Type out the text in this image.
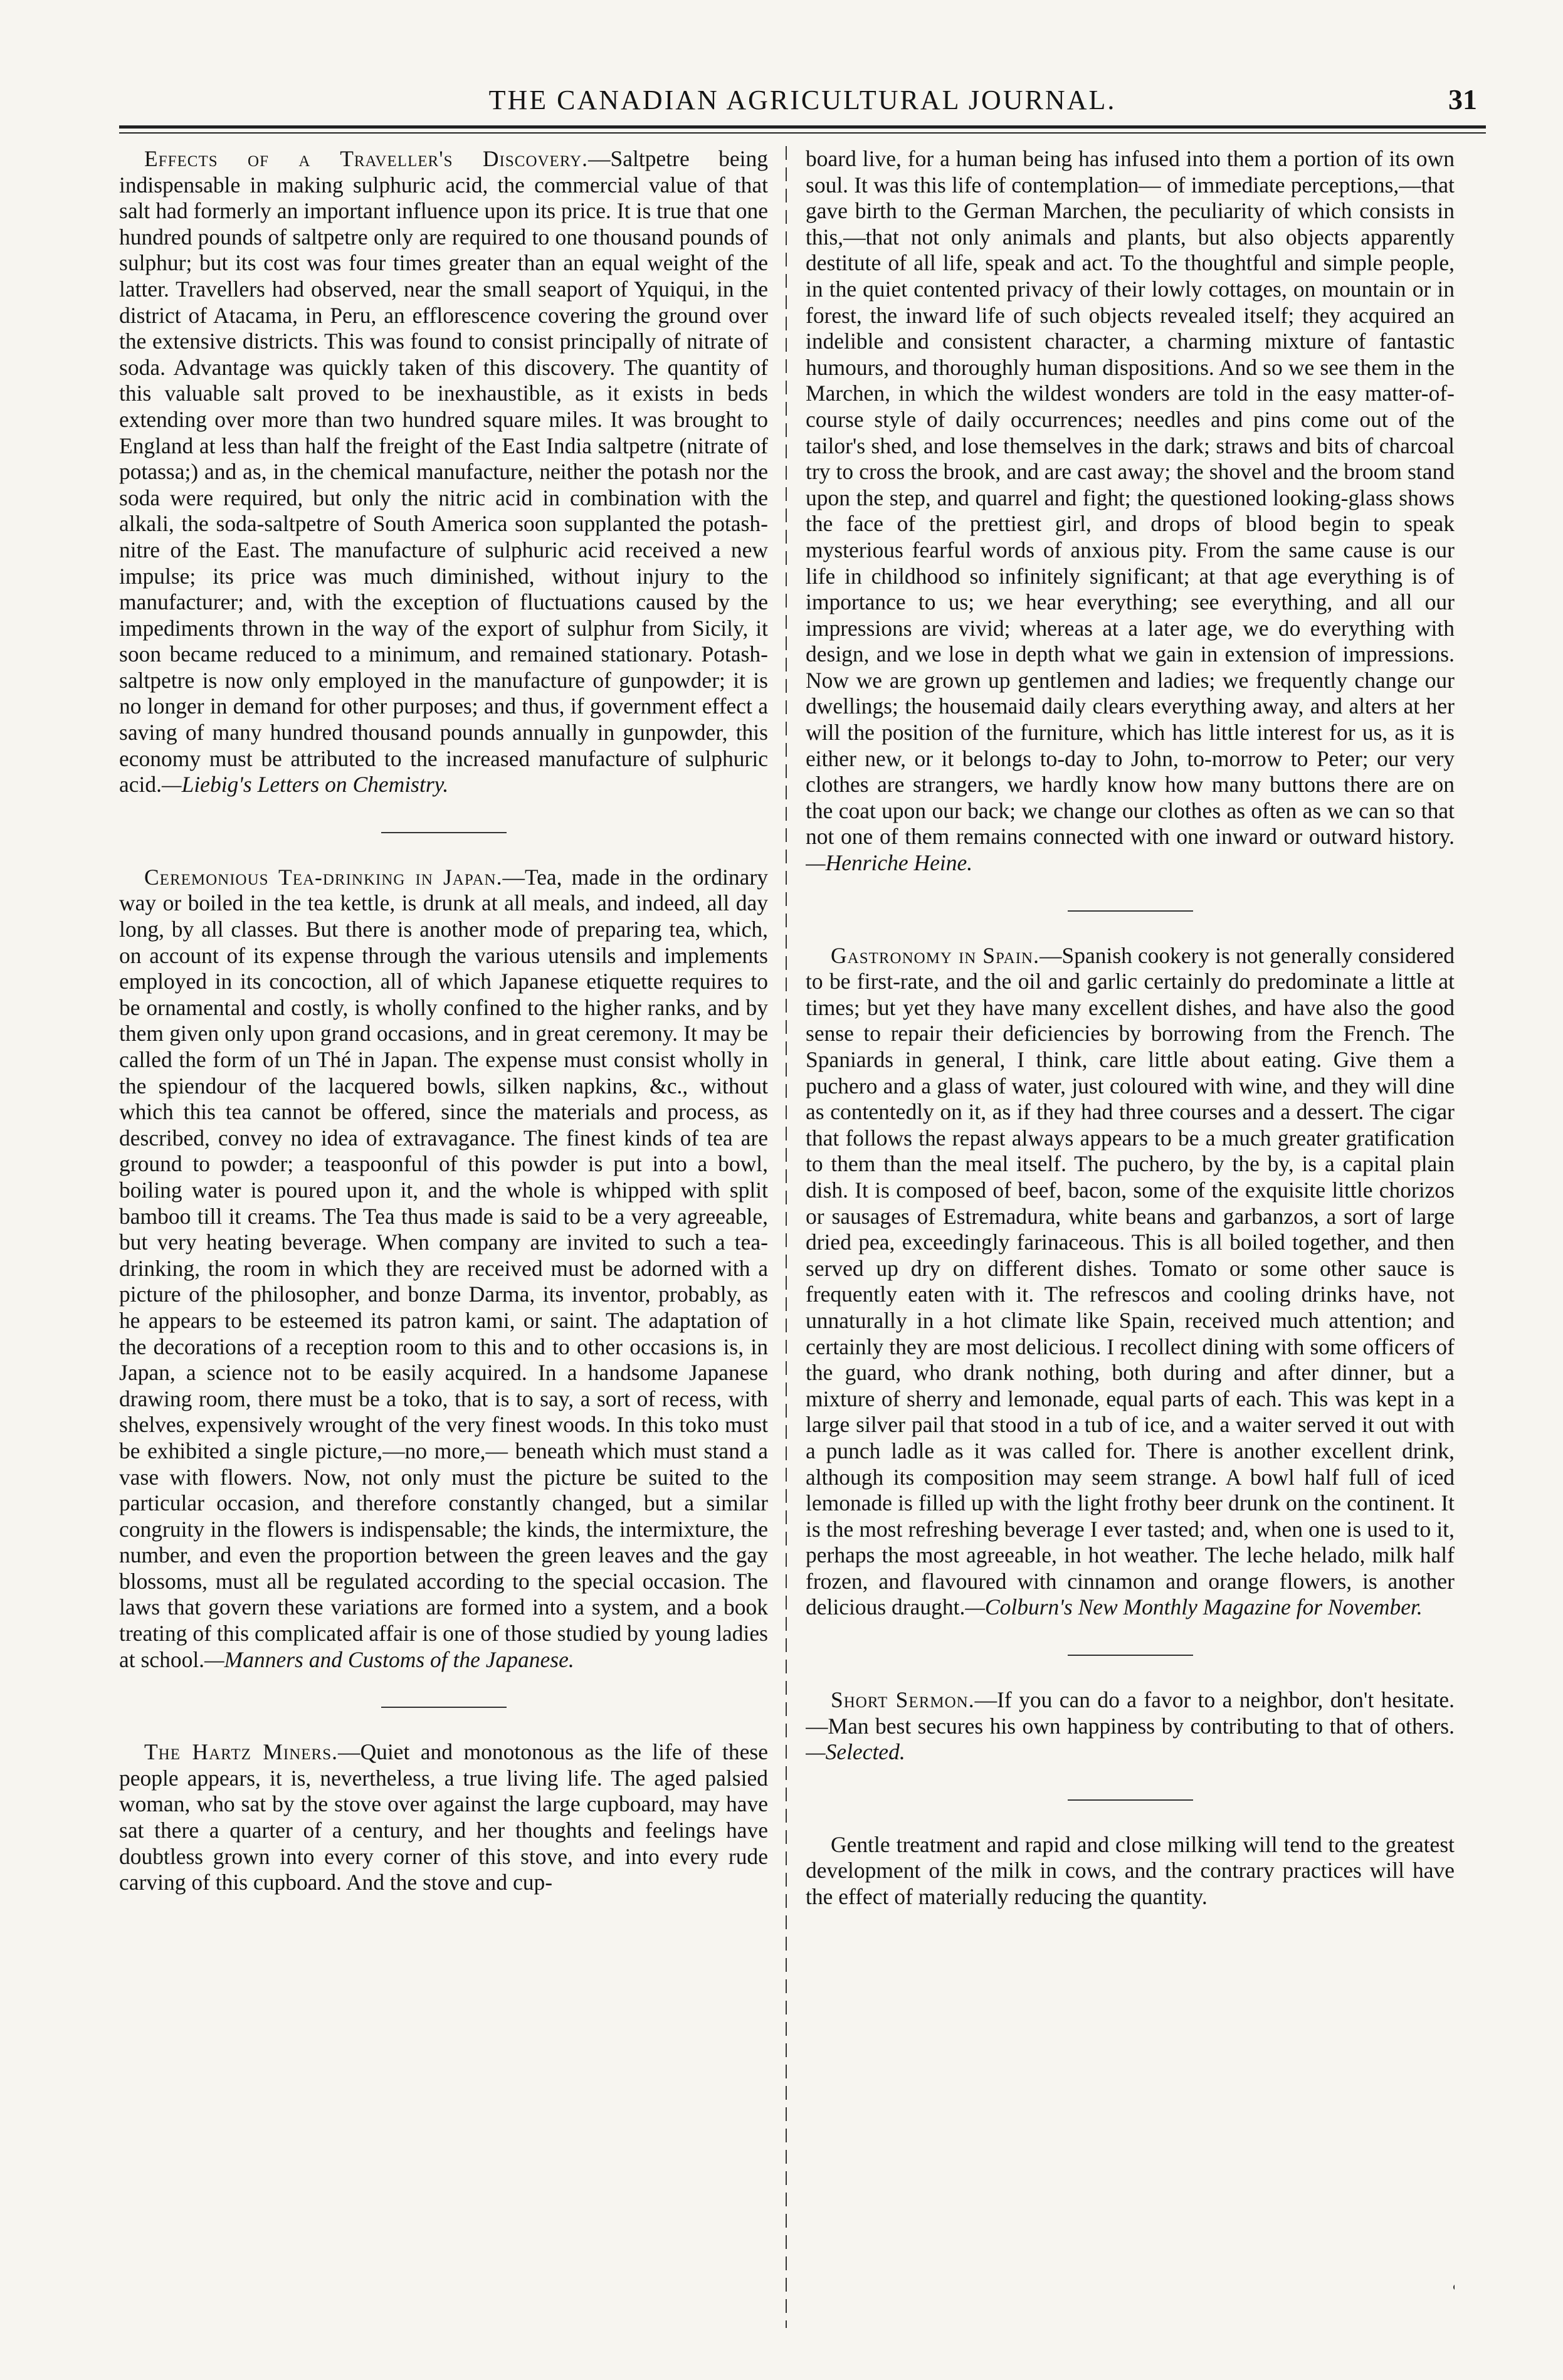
THE CANADIAN AGRICULTURAL JOURNAL.	31

Effects of a Traveller's Discovery.—Saltpetre being indispensable in making sulphuric acid, the commercial value of that salt had formerly an important influence upon its price. It is true that one hundred pounds of saltpetre only are required to one thousand pounds of sulphur; but its cost was four times greater than an equal weight of the latter. Travellers had observed, near the small seaport of Yquiqui, in the district of Atacama, in Peru, an efflorescence covering the ground over the extensive districts. This was found to consist principally of nitrate of soda. Advantage was quickly taken of this discovery. The quantity of this valuable salt proved to be inexhaustible, as it exists in beds extending over more than two hundred square miles. It was brought to England at less than half the freight of the East India saltpetre (nitrate of potassa;) and as, in the chemical manufacture, neither the potash nor the soda were required, but only the nitric acid in combination with the alkali, the soda-saltpetre of South America soon supplanted the potash-nitre of the East. The manufacture of sulphuric acid received a new impulse; its price was much diminished, without injury to the manufacturer; and, with the exception of fluctuations caused by the impediments thrown in the way of the export of sulphur from Sicily, it soon became reduced to a minimum, and remained stationary. Potash-saltpetre is now only employed in the manufacture of gunpowder; it is no longer in demand for other purposes; and thus, if government effect a saving of many hundred thousand pounds annually in gunpowder, this economy must be attributed to the increased manufacture of sulphuric acid.—Liebig's Letters on Chemistry.

Ceremonious Tea-drinking in Japan.—Tea, made in the ordinary way or boiled in the tea kettle, is drunk at all meals, and indeed, all day long, by all classes. But there is another mode of preparing tea, which, on account of its expense through the various utensils and implements employed in its concoction, all of which Japanese etiquette requires to be ornamental and costly, is wholly confined to the higher ranks, and by them given only upon grand occasions, and in great ceremony. It may be called the form of un Thé in Japan. The expense must consist wholly in the spiendour of the lacquered bowls, silken napkins, &c., without which this tea cannot be offered, since the materials and process, as described, convey no idea of extravagance. The finest kinds of tea are ground to powder; a teaspoonful of this powder is put into a bowl, boiling water is poured upon it, and the whole is whipped with split bamboo till it creams. The Tea thus made is said to be a very agreeable, but very heating beverage. When company are invited to such a tea-drinking, the room in which they are received must be adorned with a picture of the philosopher, and bonze Darma, its inventor, probably, as he appears to be esteemed its patron kami, or saint. The adaptation of the decorations of a reception room to this and to other occasions is, in Japan, a science not to be easily acquired. In a handsome Japanese drawing room, there must be a toko, that is to say, a sort of recess, with shelves, expensively wrought of the very finest woods. In this toko must be exhibited a single picture,—no more,— beneath which must stand a vase with flowers. Now, not only must the picture be suited to the particular occasion, and therefore constantly changed, but a similar congruity in the flowers is indispensable; the kinds, the intermixture, the number, and even the proportion between the green leaves and the gay blossoms, must all be regulated according to the special occasion. The laws that govern these variations are formed into a system, and a book treating of this complicated affair is one of those studied by young ladies at school.—Manners and Customs of the Japanese.

The Hartz Miners.—Quiet and monotonous as the life of these people appears, it is, nevertheless, a true living life. The aged palsied woman, who sat by the stove over against the large cupboard, may have sat there a quarter of a century, and her thoughts and feelings have doubtless grown into every corner of this stove, and into every rude carving of this cupboard. And the stove and cup-

board live, for a human being has infused into them a portion of its own soul. It was this life of contemplation— of immediate perceptions,—that gave birth to the German Marchen, the peculiarity of which consists in this,—that not only animals and plants, but also objects apparently destitute of all life, speak and act. To the thoughtful and simple people, in the quiet contented privacy of their lowly cottages, on mountain or in forest, the inward life of such objects revealed itself; they acquired an indelible and consistent character, a charming mixture of fantastic humours, and thoroughly human dispositions. And so we see them in the Marchen, in which the wildest wonders are told in the easy matter-of-course style of daily occurrences; needles and pins come out of the tailor's shed, and lose themselves in the dark; straws and bits of charcoal try to cross the brook, and are cast away; the shovel and the broom stand upon the step, and quarrel and fight; the questioned looking-glass shows the face of the prettiest girl, and drops of blood begin to speak mysterious fearful words of anxious pity. From the same cause is our life in childhood so infinitely significant; at that age everything is of importance to us; we hear everything; see everything, and all our impressions are vivid; whereas at a later age, we do everything with design, and we lose in depth what we gain in extension of impressions. Now we are grown up gentlemen and ladies; we frequently change our dwellings; the housemaid daily clears everything away, and alters at her will the position of the furniture, which has little interest for us, as it is either new, or it belongs to-day to John, to-morrow to Peter; our very clothes are strangers, we hardly know how many buttons there are on the coat upon our back; we change our clothes as often as we can so that not one of them remains connected with one inward or outward history.—Henriche Heine.

Gastronomy in Spain.—Spanish cookery is not generally considered to be first-rate, and the oil and garlic certainly do predominate a little at times; but yet they have many excellent dishes, and have also the good sense to repair their deficiencies by borrowing from the French. The Spaniards in general, I think, care little about eating. Give them a puchero and a glass of water, just coloured with wine, and they will dine as contentedly on it, as if they had three courses and a dessert. The cigar that follows the repast always appears to be a much greater gratification to them than the meal itself. The puchero, by the by, is a capital plain dish. It is composed of beef, bacon, some of the exquisite little chorizos or sausages of Estremadura, white beans and garbanzos, a sort of large dried pea, exceedingly farinaceous. This is all boiled together, and then served up dry on different dishes. Tomato or some other sauce is frequently eaten with it. The refrescos and cooling drinks have, not unnaturally in a hot climate like Spain, received much attention; and certainly they are most delicious. I recollect dining with some officers of the guard, who drank nothing, both during and after dinner, but a mixture of sherry and lemonade, equal parts of each. This was kept in a large silver pail that stood in a tub of ice, and a waiter served it out with a punch ladle as it was called for. There is another excellent drink, although its composition may seem strange. A bowl half full of iced lemonade is filled up with the light frothy beer drunk on the continent. It is the most refreshing beverage I ever tasted; and, when one is used to it, perhaps the most agreeable, in hot weather. The leche helado, milk half frozen, and flavoured with cinnamon and orange flowers, is another delicious draught.—Colburn's New Monthly Magazine for November.

Short Sermon.—If you can do a favor to a neighbor, don't hesitate.—Man best secures his own happiness by contributing to that of others.—Selected.

Gentle treatment and rapid and close milking will tend to the greatest development of the milk in cows, and the contrary practices will have the effect of materially reducing the quantity.
